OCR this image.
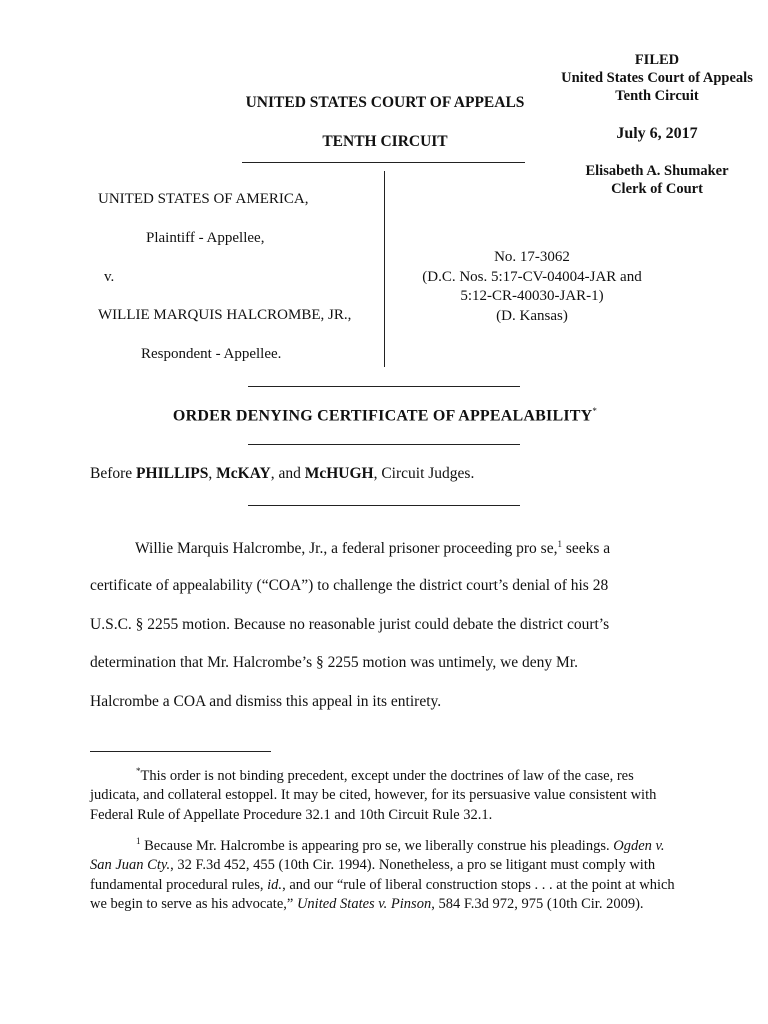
FILED
United States Court of Appeals
Tenth Circuit
July 6, 2017
Elisabeth A. Shumaker
Clerk of Court
UNITED STATES COURT OF APPEALS
TENTH CIRCUIT
UNITED STATES OF AMERICA,
Plaintiff - Appellee,
v.
WILLIE MARQUIS HALCROMBE, JR.,
Respondent - Appellee.
No. 17-3062
(D.C. Nos. 5:17-CV-04004-JAR and
5:12-CR-40030-JAR-1)
(D. Kansas)
ORDER DENYING CERTIFICATE OF APPEALABILITY*
Before PHILLIPS, McKAY, and McHUGH, Circuit Judges.
Willie Marquis Halcrombe, Jr., a federal prisoner proceeding pro se,$^1$ seeks a
certificate of appealability (“COA”) to challenge the district court’s denial of his 28
U.S.C. § 2255 motion. Because no reasonable jurist could debate the district court’s
determination that Mr. Halcrombe’s § 2255 motion was untimely, we deny Mr.
Halcrombe a COA and dismiss this appeal in its entirety.
*This order is not binding precedent, except under the doctrines of law of the case, res judicata, and collateral estoppel. It may be cited, however, for its persuasive value consistent with Federal Rule of Appellate Procedure 32.1 and 10th Circuit Rule 32.1.
$^1$ Because Mr. Halcrombe is appearing pro se, we liberally construe his pleadings. Ogden v. San Juan Cty., 32 F.3d 452, 455 (10th Cir. 1994). Nonetheless, a pro se litigant must comply with fundamental procedural rules, id., and our “rule of liberal construction stops . . . at the point at which we begin to serve as his advocate,” United States v. Pinson, 584 F.3d 972, 975 (10th Cir. 2009).
